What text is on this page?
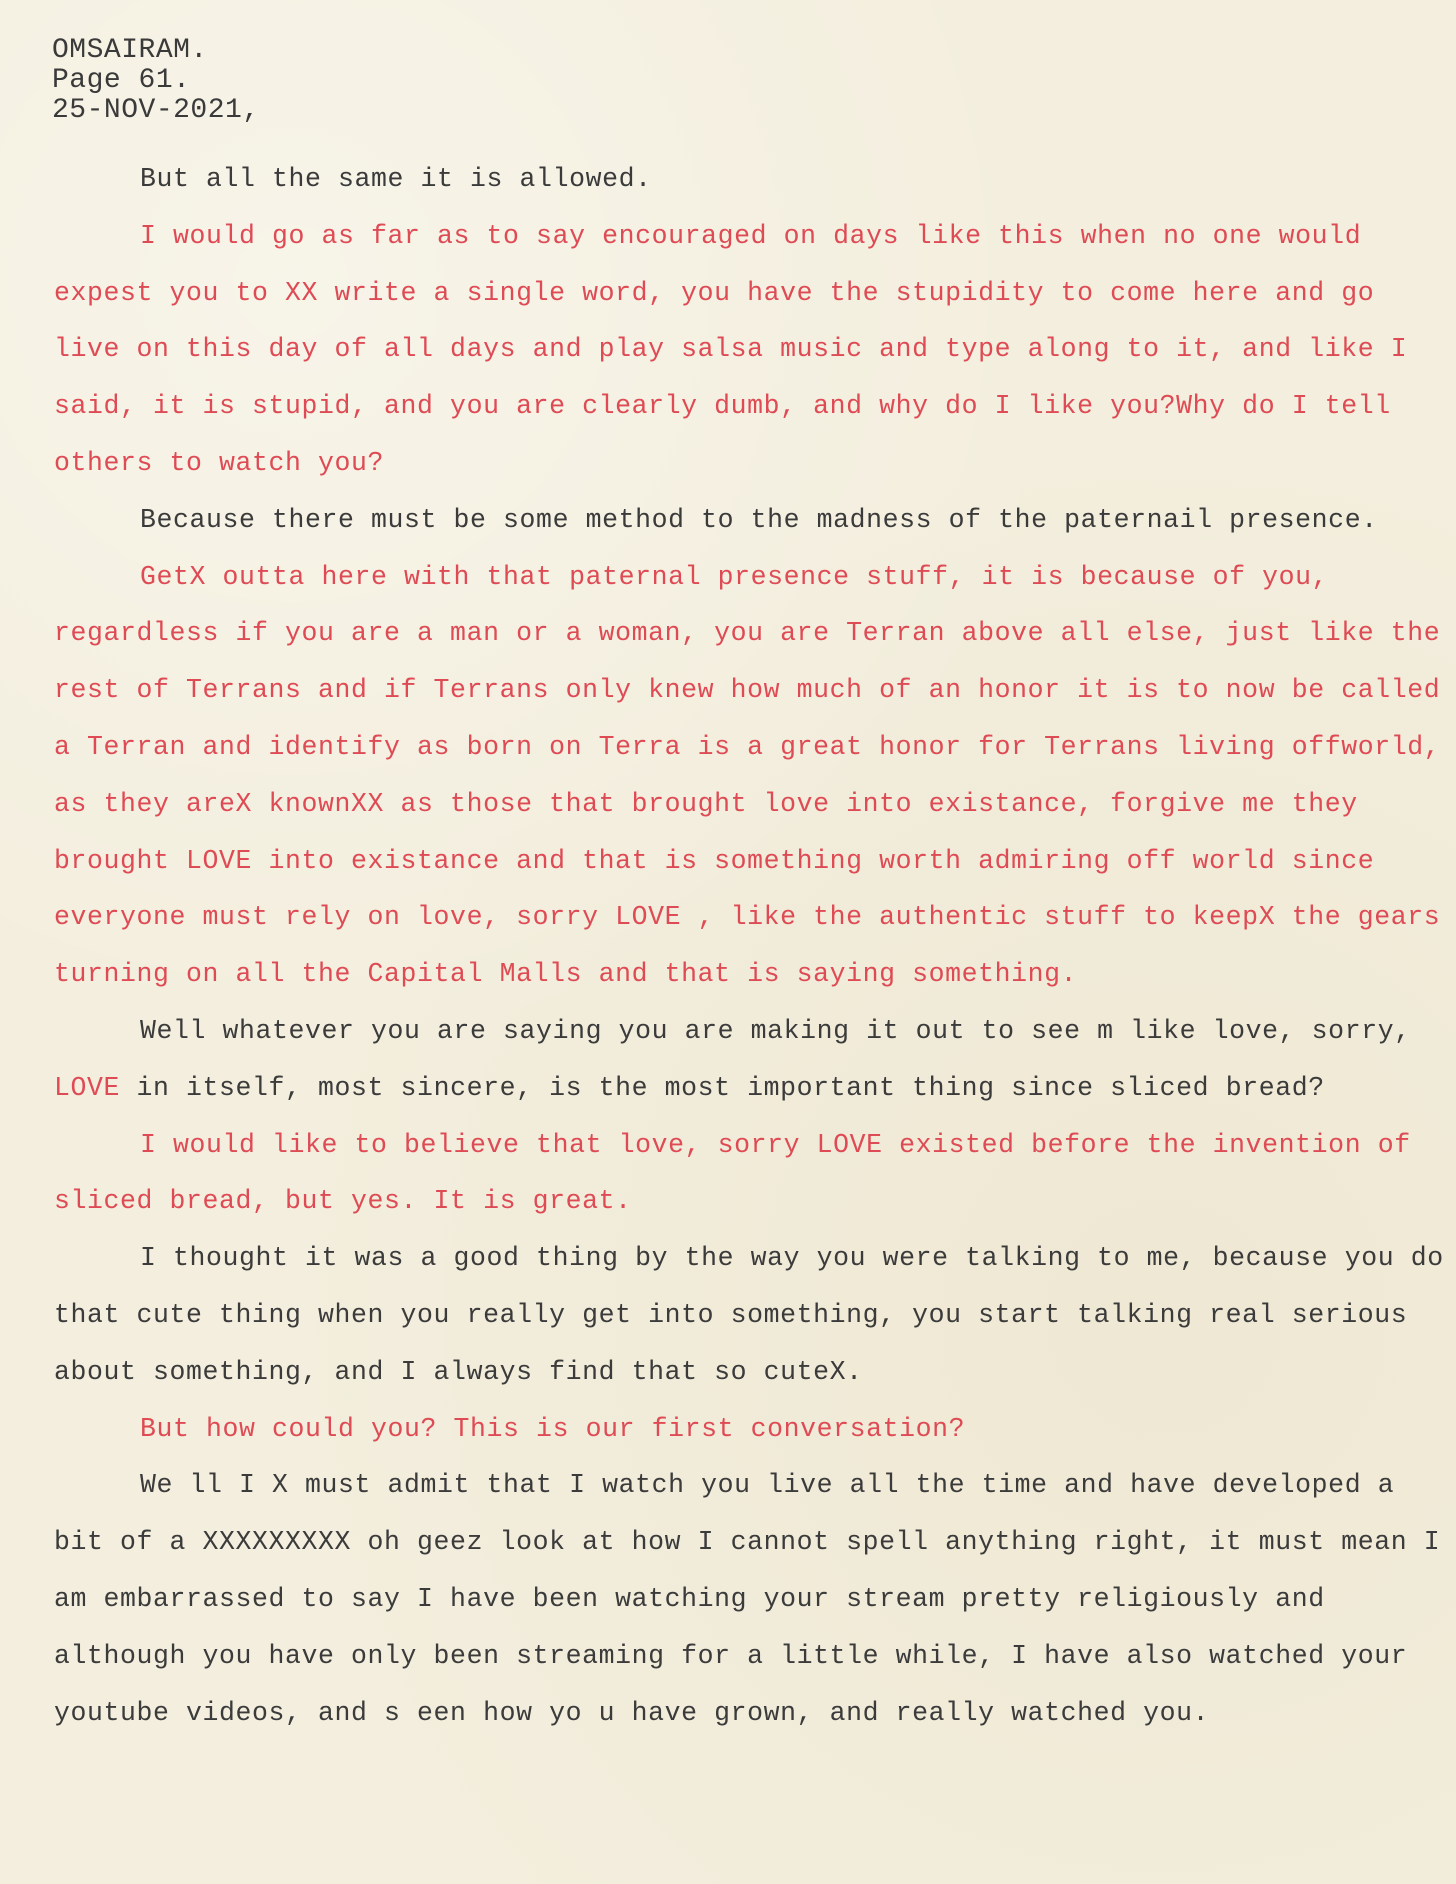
OMSAIRAM.
Page 61.
25-NOV-2021,

But all the same it is allowed.

I would go as far as to say encouraged on days like this when no one would expest you to XX write a single word, you have the stupidity to come here and go live on this day of all days and play salsa music and type along to it, and like I said, it is stupid, and you are clearly dumb, and why do I like you?Why do I tell others to watch you?

Because there must be some method to the madness of the paternail presence.

GetX outta here with that paternal presence stuff, it is because of you, regardless if you are a man or a woman, you are Terran above all else, just like the rest of Terrans and if Terrans only knew how much of an honor it is to now be called a Terran and identify as born on Terra is a great honor for Terrans living offworld, as they areX knownXX as those that brought love into existance, forgive me they brought LOVE into existance and that is something worth admiring off world since everyone must rely on love, sorry LOVE , like the authentic stuff to keepX the gears turning on all the Capital Malls and that is saying something.

Well whatever you are saying you are making it out to see m like love, sorry, LOVE in itself, most sincere, is the most important thing since sliced bread?

I would like to believe that love, sorry LOVE existed before the invention of sliced bread, but yes. It is great.

I thought it was a good thing by the way you were talking to me, because you do that cute thing when you really get into something, you start talking real serious about something, and I always find that so cuteX.

But how could you? This is our first conversation?

We ll I X must admit that I watch you live all the time and have developed a bit of a XXXXXXXXX oh geez look at how I cannot spell anything right, it must mean I am embarrassed to say I have been watching your stream pretty religiously and although you have only been streaming for a little while, I have also watched your youtube videos, and s een how yo u have grown, and really watched you.
